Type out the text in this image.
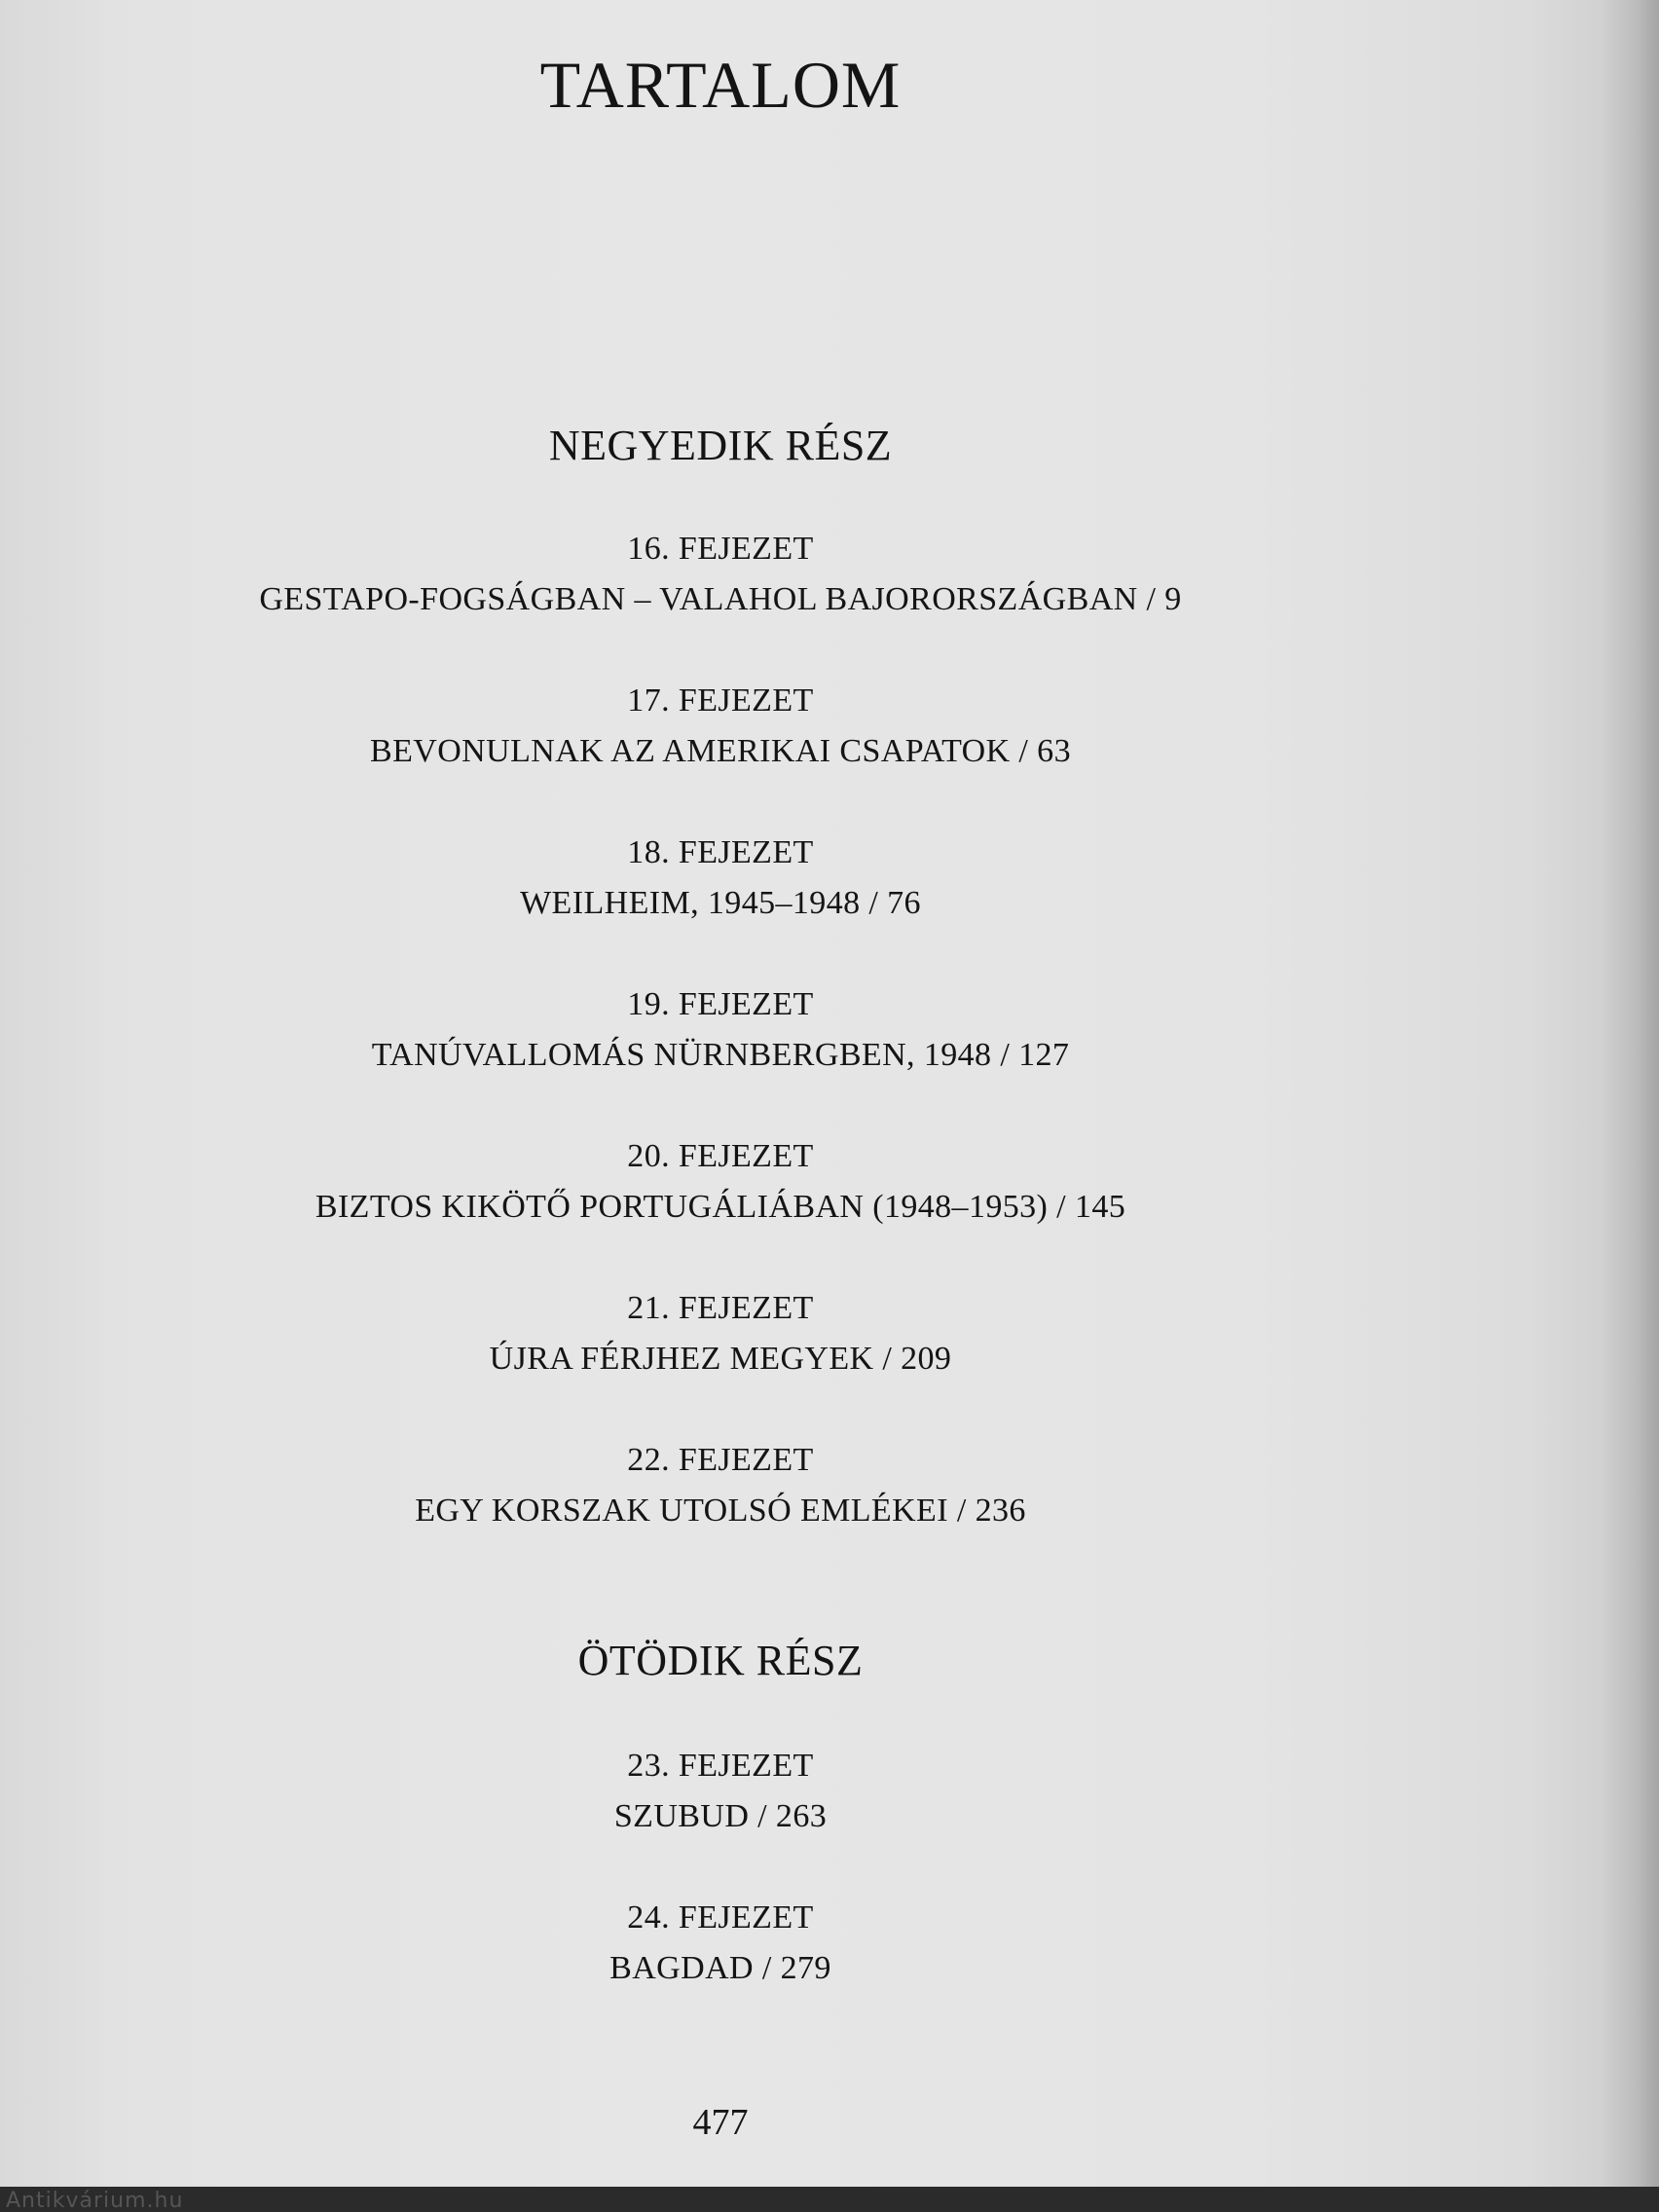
TARTALOM
NEGYEDIK RÉSZ
16. FEJEZET
GESTAPO-FOGSÁGBAN – VALAHOL BAJORORSZÁGBAN / 9
17. FEJEZET
BEVONULNAK AZ AMERIKAI CSAPATOK / 63
18. FEJEZET
WEILHEIM, 1945–1948 / 76
19. FEJEZET
TANÚVALLOMÁS NÜRNBERGBEN, 1948 / 127
20. FEJEZET
BIZTOS KIKÖTŐ PORTUGÁLIÁBAN (1948–1953) / 145
21. FEJEZET
ÚJRA FÉRJHEZ MEGYEK / 209
22. FEJEZET
EGY KORSZAK UTOLSÓ EMLÉKEI / 236
ÖTÖDIK RÉSZ
23. FEJEZET
SZUBUD / 263
24. FEJEZET
BAGDAD / 279
477
Antikvárium.hu
